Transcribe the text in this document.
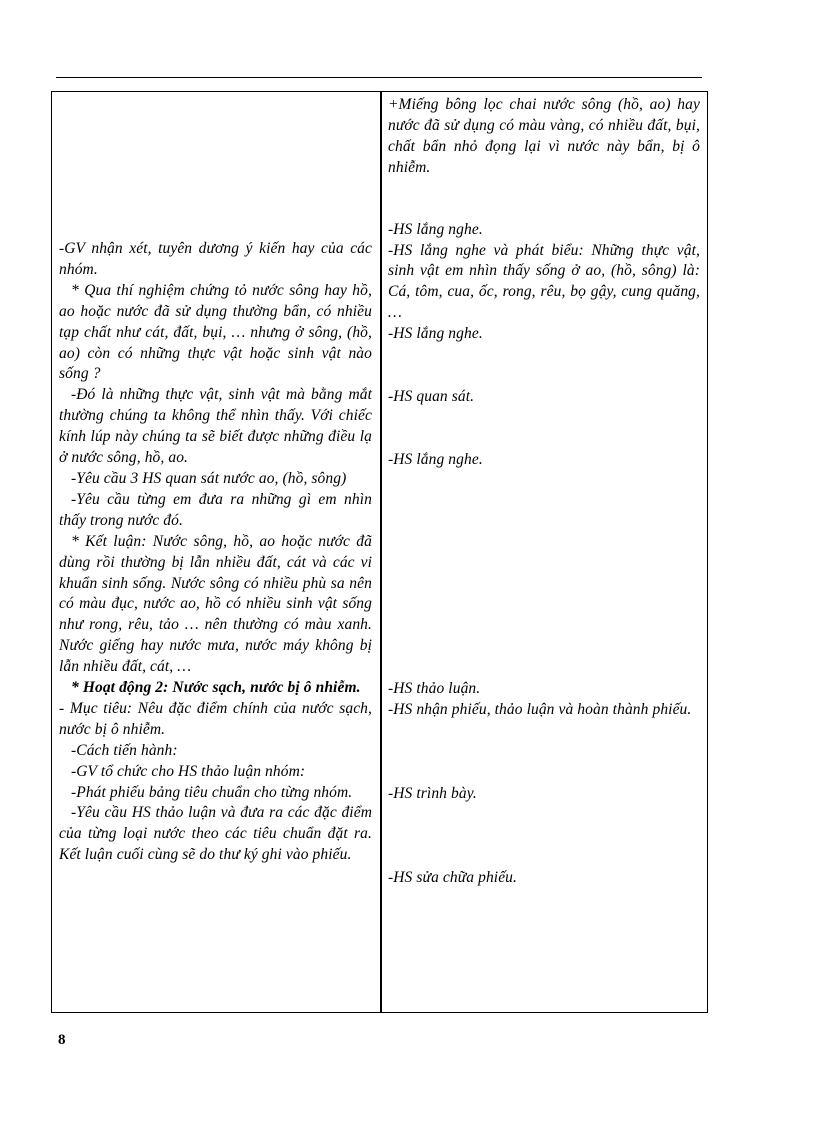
-GV nhận xét, tuyên dương ý kiến hay của các nhóm.

* Qua thí nghiệm chứng tỏ nước sông hay hồ, ao hoặc nước đã sử dụng thường bẩn, có nhiều tạp chất như cát, đất, bụi, … nhưng ở sông, (hồ, ao) còn có những thực vật hoặc sinh vật nào sống ?

-Đó là những thực vật, sinh vật mà bằng mắt thường chúng ta không thể nhìn thấy. Với chiếc kính lúp này chúng ta sẽ biết được những điều lạ ở nước sông, hồ, ao.

-Yêu cầu 3 HS quan sát nước ao, (hồ, sông)

-Yêu cầu từng em đưa ra những gì em nhìn thấy trong nước đó.

* Kết luận: Nước sông, hồ, ao hoặc nước đã dùng rồi thường bị lẫn nhiều đất, cát và các vi khuẩn sinh sống. Nước sông có nhiều phù sa nên có màu đục, nước ao, hồ có nhiều sinh vật sống như rong, rêu, tảo … nên thường có màu xanh. Nước giếng hay nước mưa, nước máy không bị lẫn nhiều đất, cát, …

* Hoạt động 2: Nước sạch, nước bị ô nhiễm.

- Mục tiêu: Nêu đặc điểm chính của nước sạch, nước bị ô nhiễm.

-Cách tiến hành:

-GV tổ chức cho HS thảo luận nhóm:

-Phát phiếu bảng tiêu chuẩn cho từng nhóm.

-Yêu cầu HS thảo luận và đưa ra các đặc điểm của từng loại nước theo các tiêu chuẩn đặt ra. Kết luận cuối cùng sẽ do thư ký ghi vào phiếu.

+Miếng bông lọc chai nước sông (hồ, ao) hay nước đã sử dụng có màu vàng, có nhiều đất, bụi, chất bẩn nhỏ đọng lại vì nước này bẩn, bị ô nhiễm.

-HS lắng nghe.

-HS lắng nghe và phát biểu: Những thực vật, sinh vật em nhìn thấy sống ở ao, (hồ, sông) là: Cá, tôm, cua, ốc, rong, rêu, bọ gậy, cung quăng, …

-HS lắng nghe.

-HS quan sát.

-HS lắng nghe.

-HS thảo luận.

-HS nhận phiếu, thảo luận và hoàn thành phiếu.

-HS trình bày.

-HS sửa chữa phiếu.

8
